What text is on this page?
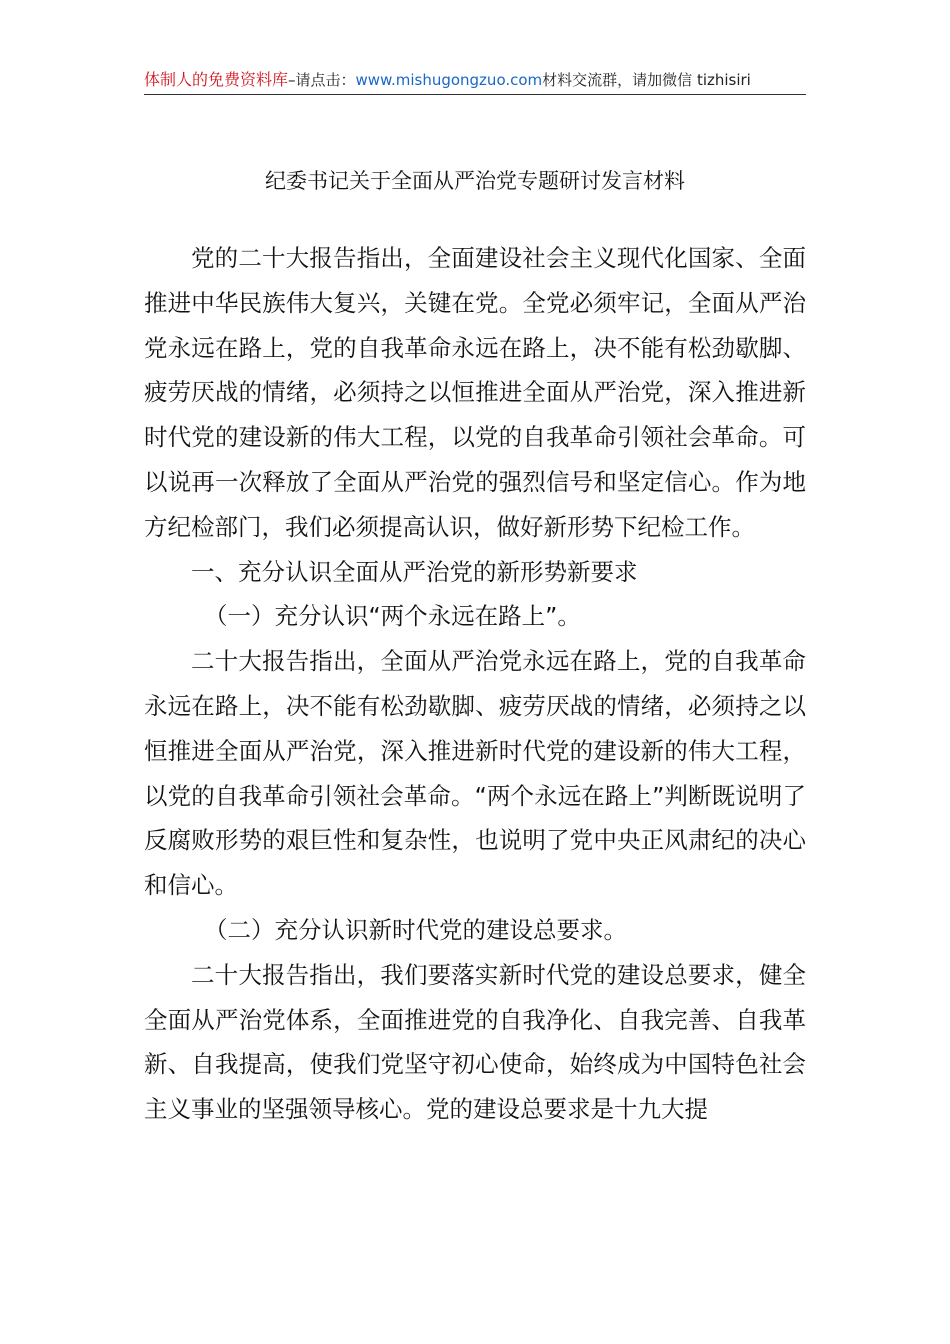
体制人的免费资料库–请点击：www.mishugongzuo.com材料交流群，请加微信 tizhisiri
纪委书记关于全面从严治党专题研讨发言材料

党的二十大报告指出，全面建设社会主义现代化国家、全面推进中华民族伟大复兴，关键在党。全党必须牢记，全面从严治党永远在路上，党的自我革命永远在路上，决不能有松劲歇脚、疲劳厌战的情绪，必须持之以恒推进全面从严治党，深入推进新时代党的建设新的伟大工程，以党的自我革命引领社会革命。可以说再一次释放了全面从严治党的强烈信号和坚定信心。作为地方纪检部门，我们必须提高认识，做好新形势下纪检工作。

一、充分认识全面从严治党的新形势新要求

（一）充分认识“两个永远在路上”。

二十大报告指出，全面从严治党永远在路上，党的自我革命永远在路上，决不能有松劲歇脚、疲劳厌战的情绪，必须持之以恒推进全面从严治党，深入推进新时代党的建设新的伟大工程，以党的自我革命引领社会革命。“两个永远在路上”判断既说明了反腐败形势的艰巨性和复杂性，也说明了党中央正风肃纪的决心和信心。

（二）充分认识新时代党的建设总要求。

二十大报告指出，我们要落实新时代党的建设总要求，健全全面从严治党体系，全面推进党的自我净化、自我完善、自我革新、自我提高，使我们党坚守初心使命，始终成为中国特色社会主义事业的坚强领导核心。党的建设总要求是十九大提
